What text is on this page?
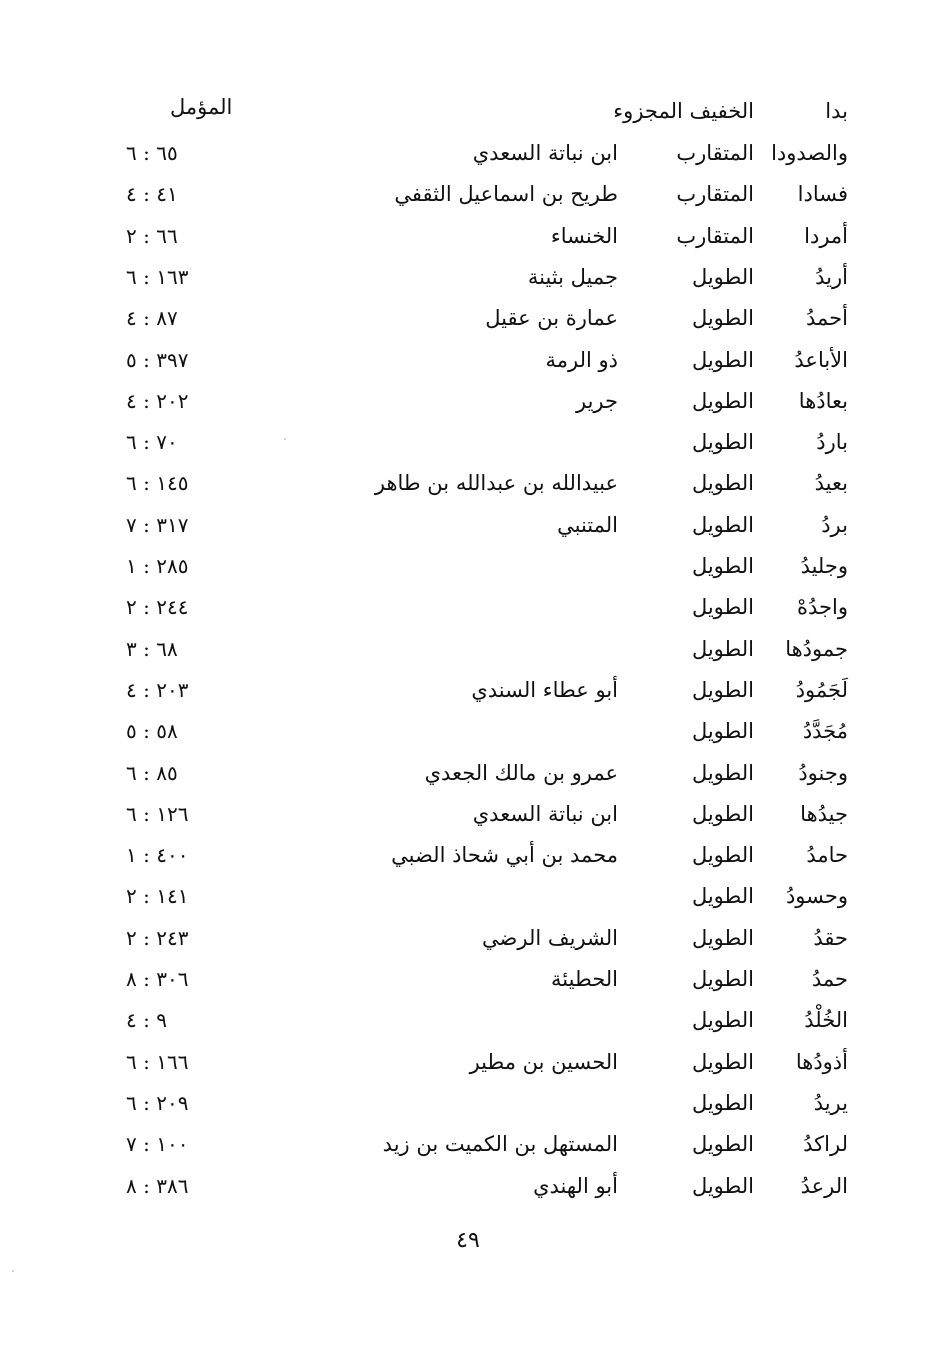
بدا
الخفيف المجزوء
المؤمل
والصدودا
المتقارب
ابن نباتة السعدي
٦٥ : ٦
فسادا
المتقارب
طريح بن اسماعيل الثقفي
٤١ : ٤
أمردا
المتقارب
الخنساء
٦٦ : ٢
أريدُ
الطويل
جميل بثينة
١٦٣ : ٦
أحمدُ
الطويل
عمارة بن عقيل
٨٧ : ٤
الأباعدُ
الطويل
ذو الرمة
٣٩٧ : ٥
بعادُها
الطويل
جرير
٢٠٢ : ٤
باردُ
الطويل
٧٠ : ٦
بعيدُ
الطويل
عبيدالله بن عبدالله بن طاهر
١٤٥ : ٦
بردُ
الطويل
المتنبي
٣١٧ : ٧
وجليدُ
الطويل
٢٨٥ : ١
واجدُهْ
الطويل
٢٤٤ : ٢
جمودُها
الطويل
٦٨ : ٣
لَجَمُودُ
الطويل
أبو عطاء السندي
٢٠٣ : ٤
مُجَدَّدُ
الطويل
٥٨ : ٥
وجنودُ
الطويل
عمرو بن مالك الجعدي
٨٥ : ٦
جيدُها
الطويل
ابن نباتة السعدي
١٢٦ : ٦
حامدُ
الطويل
محمد بن أبي شحاذ الضبي
٤٠٠ : ١
وحسودُ
الطويل
١٤١ : ٢
حقدُ
الطويل
الشريف الرضي
٢٤٣ : ٢
حمدُ
الطويل
الحطيئة
٣٠٦ : ٨
الخُلْدُ
الطويل
٩ : ٤
أذودُها
الطويل
الحسين بن مطير
١٦٦ : ٦
يريدُ
الطويل
٢٠٩ : ٦
لراكدُ
الطويل
المستهل بن الكميت بن زيد
١٠٠ : ٧
الرعدُ
الطويل
أبو الهندي
٣٨٦ : ٨
٤٩
